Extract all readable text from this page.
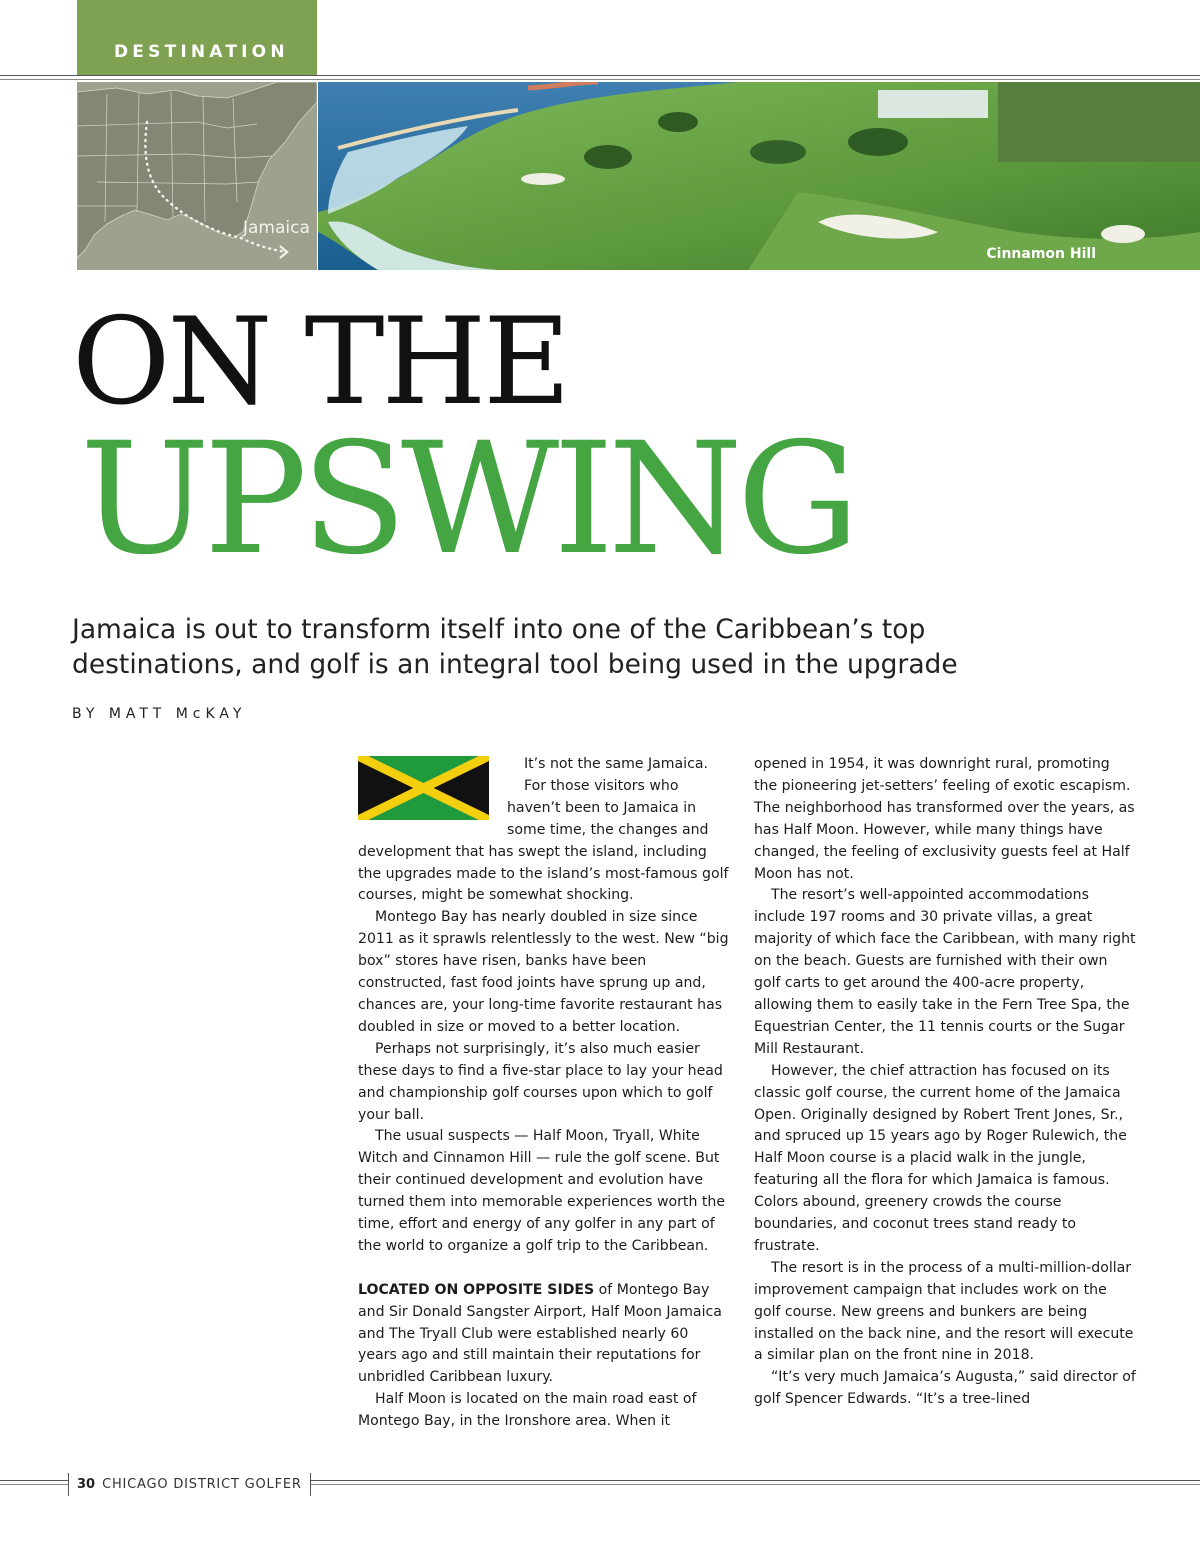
DESTINATION
Jamaica
Cinnamon Hill
ON THE
UPSWING

Jamaica is out to transform itself into one of the Caribbean’s top destinations, and golf is an integral tool being used in the upgrade

BY MATT McKAY
It’s not the same Jamaica.
For those visitors who
haven’t been to Jamaica in
some time, the changes and

development that has swept the island, including the upgrades made to the island’s most-famous golf courses, might be somewhat shocking.

Montego Bay has nearly doubled in size since 2011 as it sprawls relentlessly to the west. New “big box” stores have risen, banks have been constructed, fast food joints have sprung up and, chances are, your long-time favorite restaurant has doubled in size or moved to a better location.

Perhaps not surprisingly, it’s also much easier these days to find a five-star place to lay your head and championship golf courses upon which to golf your ball.

The usual suspects — Half Moon, Tryall, White Witch and Cinnamon Hill — rule the golf scene. But their continued development and evolution have turned them into memorable experiences worth the time, effort and energy of any golfer in any part of the world to organize a golf trip to the Caribbean.

LOCATED ON OPPOSITE SIDES of Montego Bay and Sir Donald Sangster Airport, Half Moon Jamaica and The Tryall Club were established nearly 60 years ago and still maintain their reputations for unbridled Caribbean luxury.

Half Moon is located on the main road east of Montego Bay, in the Ironshore area. When it

opened in 1954, it was downright rural, promoting the pioneering jet-setters’ feeling of exotic escapism. The neighborhood has transformed over the years, as has Half Moon. However, while many things have changed, the feeling of exclusivity guests feel at Half Moon has not.

The resort’s well-appointed accommodations include 197 rooms and 30 private villas, a great majority of which face the Caribbean, with many right on the beach. Guests are furnished with their own golf carts to get around the 400-acre property, allowing them to easily take in the Fern Tree Spa, the Equestrian Center, the 11 tennis courts or the Sugar Mill Restaurant.

However, the chief attraction has focused on its classic golf course, the current home of the Jamaica Open. Originally designed by Robert Trent Jones, Sr., and spruced up 15 years ago by Roger Rulewich, the Half Moon course is a placid walk in the jungle, featuring all the flora for which Jamaica is famous. Colors abound, greenery crowds the course boundaries, and coconut trees stand ready to frustrate.

The resort is in the process of a multi-million-dollar improvement campaign that includes work on the golf course. New greens and bunkers are being installed on the back nine, and the resort will execute a similar plan on the front nine in 2018.

“It’s very much Jamaica’s Augusta,” said director of golf Spencer Edwards. “It’s a tree-lined

30 CHICAGO DISTRICT GOLFER
